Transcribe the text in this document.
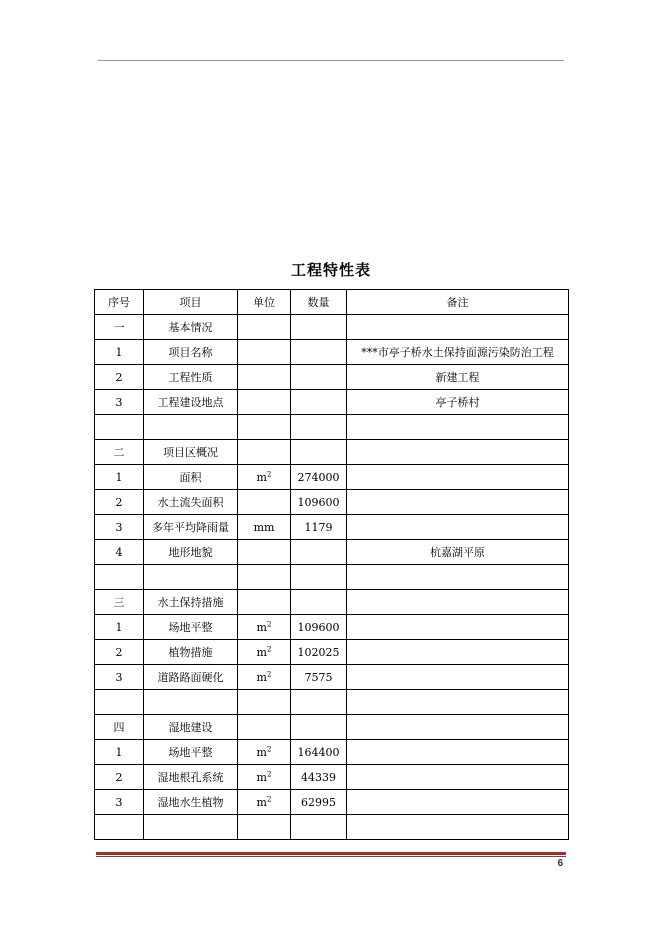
工程特性表
序号	项目	单位	数量	备注
一	基本情况			
1	项目名称			***市亭子桥水土保持面源污染防治工程
2	工程性质			新建工程
3	工程建设地点			亭子桥村

二	项目区概况			
1	面积	$m^2$	274000	
2	水土流失面积		109600	
3	多年平均降雨量	mm	1179	
4	地形地貌			杭嘉湖平原

三	水土保持措施			
1	场地平整	$m^2$	109600	
2	植物措施	$m^2$	102025	
3	道路路面硬化	$m^2$	7575	

四	湿地建设			
1	场地平整	$m^2$	164400	
2	湿地根孔系统	$m^2$	44339	
3	湿地水生植物	$m^2$	62995	

6
